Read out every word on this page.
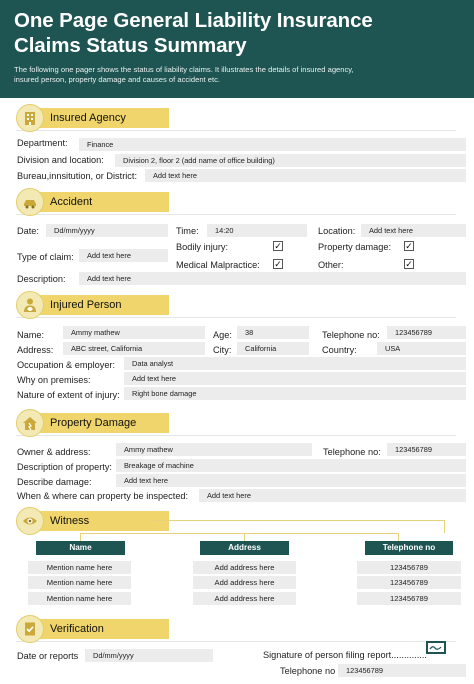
One Page General Liability Insurance
Claims Status Summary

The following one pager shows the status of liability claims. It illustrates the details of insured agency,
insured person, property damage and causes of accident etc.

Insured Agency
Department:	Finance
Division and location:	Division 2, floor 2 (add name of office building)
Bureau,innsitution, or District:	Add text here
Accident
Date:	Dd/mm/yyyy	Time:	14:20	Location:	Add text here
Bodily injury:	✓	Property damage: ✓
Type of claim:	Add text here
Medical Malpractice: ✓	Other:	✓
Description:	Add text here
Injured Person
Name:	Ammy mathew	Age:	38	Telephone no:	123456789
Address:	ABC street, California	City:	California	Country:	USA
Occupation & employer:	Data analyst
Why on premises:	Add text here
Nature of extent of injury:	Right bone damage
Property Damage
Owner & address:	Ammy mathew	Telephone no:	123456789
Description of property:	Breakage of machine
Describe damage:	Add text here
When & where can property be inspected:	Add text here
Witness
Name	Address	Telephone no
Mention name here	Add address here	123456789
Mention name here	Add address here	123456789
Mention name here	Add address here	123456789
Verification
Date or reports	Dd/mm/yyyy	Signature of person filing report..............
Telephone no	123456789
